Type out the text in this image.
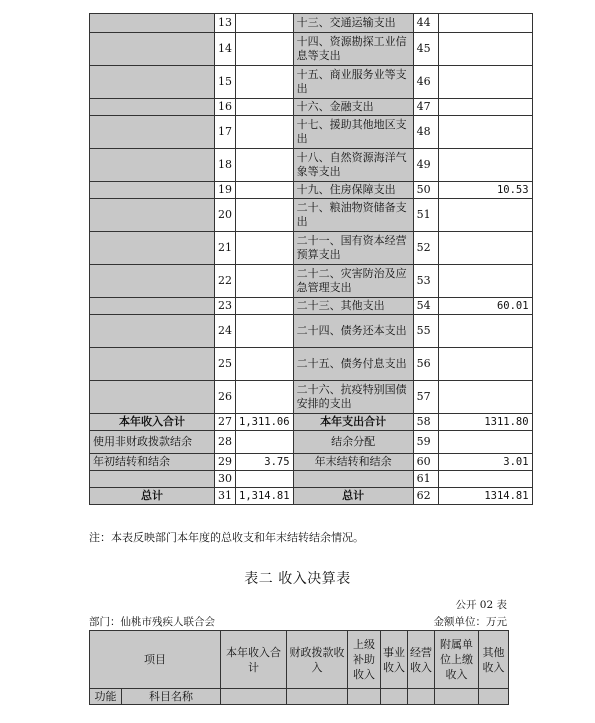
	13		十三、交通运输支出	44	
	14		十四、资源勘探工业信息等支出	45	
	15		十五、商业服务业等支出	46	
	16		十六、金融支出	47	
	17		十七、援助其他地区支出	48	
	18		十八、自然资源海洋气象等支出	49	
	19		十九、住房保障支出	50	10.53
	20		二十、粮油物资储备支出	51	
	21		二十一、国有资本经营预算支出	52	
	22		二十二、灾害防治及应急管理支出	53	
	23		二十三、其他支出	54	60.01
	24		二十四、债务还本支出	55	
	25		二十五、债务付息支出	56	
	26		二十六、抗疫特别国债安排的支出	57	
本年收入合计	27	1,311.06	本年支出合计	58	1311.80
使用非财政拨款结余	28		结余分配	59	
年初结转和结余	29	3.75	年末结转和结余	60	3.01
	30			61	
总计	31	1,314.81	总计	62	1314.81
注：本表反映部门本年度的总收支和年末结转结余情况。
表二 收入决算表
公开 02 表
部门：仙桃市残疾人联合会	金额单位：万元
项目		本年收入合计	财政拨款收入	上级补助收入	事业收入	经营收入	附属单位上缴收入	其他收入
功能	科目名称							
